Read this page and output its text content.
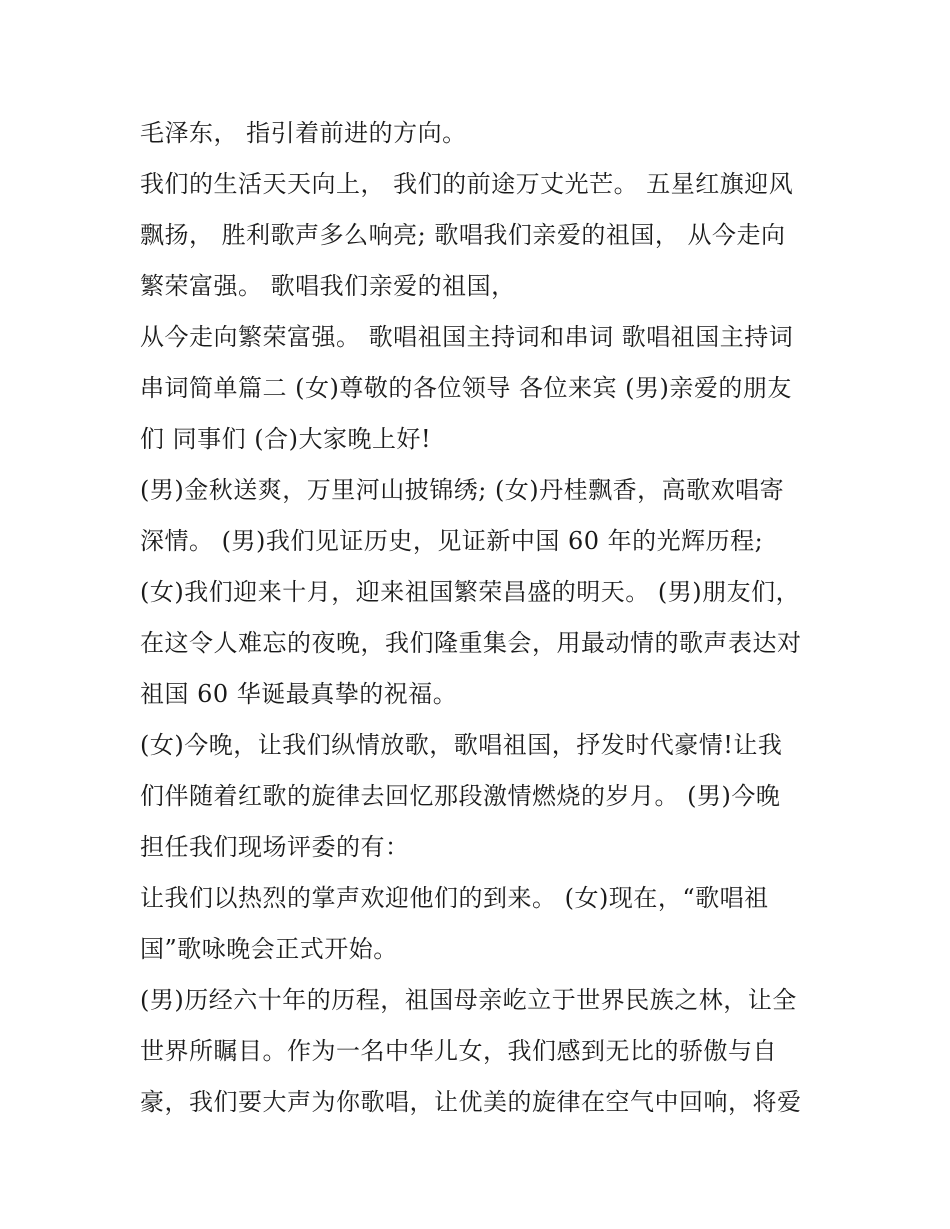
毛泽东， 指引着前进的方向。
我们的生活天天向上， 我们的前途万丈光芒。 五星红旗迎风
飘扬， 胜利歌声多么响亮; 歌唱我们亲爱的祖国， 从今走向
繁荣富强。 歌唱我们亲爱的祖国，
从今走向繁荣富强。 歌唱祖国主持词和串词 歌唱祖国主持词
串词简单篇二 (女)尊敬的各位领导 各位来宾 (男)亲爱的朋友
们 同事们 (合)大家晚上好!
(男)金秋送爽，万里河山披锦绣; (女)丹桂飘香，高歌欢唱寄
深情。 (男)我们见证历史，见证新中国 60 年的光辉历程;
(女)我们迎来十月，迎来祖国繁荣昌盛的明天。 (男)朋友们，
在这令人难忘的夜晚，我们隆重集会，用最动情的歌声表达对
祖国 60 华诞最真挚的祝福。
(女)今晚，让我们纵情放歌，歌唱祖国，抒发时代豪情!让我
们伴随着红歌的旋律去回忆那段激情燃烧的岁月。 (男)今晚
担任我们现场评委的有：
让我们以热烈的掌声欢迎他们的到来。 (女)现在，“歌唱祖
国”歌咏晚会正式开始。
(男)历经六十年的历程，祖国母亲屹立于世界民族之林，让全
世界所瞩目。作为一名中华儿女，我们感到无比的骄傲与自
豪，我们要大声为你歌唱，让优美的旋律在空气中回响，将爱
